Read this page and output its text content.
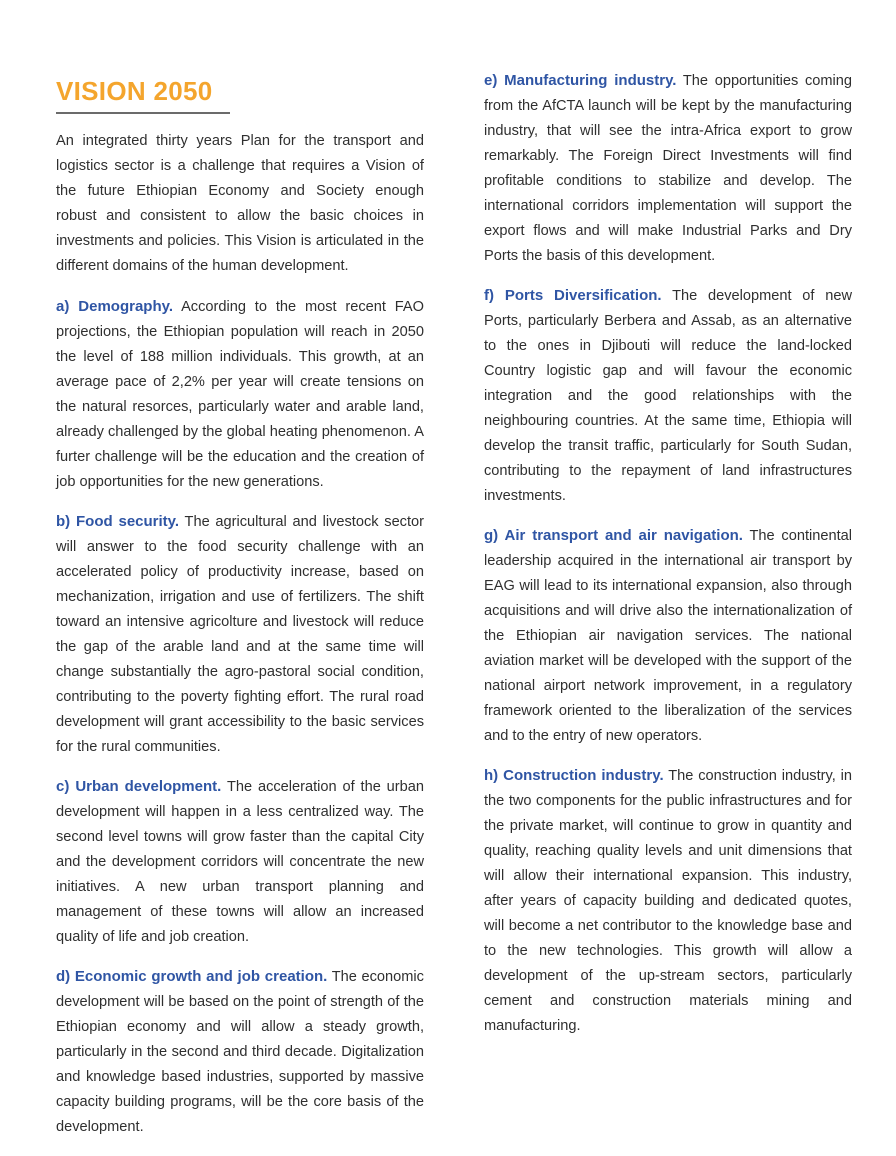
VISION 2050

An integrated thirty years Plan for the transport and logistics sector is a challenge that requires a Vision of the future Ethiopian Economy and Society enough robust and consistent to allow the basic choices in investments and policies. This Vision is articulated in the different domains of the human development.

a) Demography. According to the most recent FAO projections, the Ethiopian population will reach in 2050 the level of 188 million individuals. This growth, at an average pace of 2,2% per year will create tensions on the natural resorces, particularly water and arable land, already challenged by the global heating phenomenon. A furter challenge will be the education and the creation of job opportunities for the new generations.

b) Food security. The agricultural and livestock sector will answer to the food security challenge with an accelerated policy of productivity increase, based on mechanization, irrigation and use of fertilizers. The shift toward an intensive agricolture and livestock will reduce the gap of the arable land and at the same time will change substantially the agro-pastoral social condition, contributing to the poverty fighting effort. The rural road development will grant accessibility to the basic services for the rural communities.

c) Urban development. The acceleration of the urban development will happen in a less centralized way. The second level towns will grow faster than the capital City and the development corridors will concentrate the new initiatives. A new urban transport planning and management of these towns will allow an increased quality of life and job creation.

d) Economic growth and job creation. The economic development will be based on the point of strength of the Ethiopian economy and will allow a steady growth, particularly in the second and third decade. Digitalization and knowledge based industries, supported by massive capacity building programs, will be the core basis of the development.

e) Manufacturing industry. The opportunities coming from the AfCTA launch will be kept by the manufacturing industry, that will see the intra-Africa export to grow remarkably. The Foreign Direct Investments will find profitable conditions to stabilize and develop. The international corridors implementation will support the export flows and will make Industrial Parks and Dry Ports the basis of this development.

f) Ports Diversification. The development of new Ports, particularly Berbera and Assab, as an alternative to the ones in Djibouti will reduce the land-locked Country logistic gap and will favour the economic integration and the good relationships with the neighbouring countries. At the same time, Ethiopia will develop the transit traffic, particularly for South Sudan, contributing to the repayment of land infrastructures investments.

g) Air transport and air navigation. The continental leadership acquired in the international air transport by EAG will lead to its international expansion, also through acquisitions and will drive also the internationalization of the Ethiopian air navigation services. The national aviation market will be developed with the support of the national airport network improvement, in a regulatory framework oriented to the liberalization of the services and to the entry of new operators.

h) Construction industry. The construction industry, in the two components for the public infrastructures and for the private market, will continue to grow in quantity and quality, reaching quality levels and unit dimensions that will allow their international expansion. This industry, after years of capacity building and dedicated quotes, will become a net contributor to the knowledge base and to the new technologies. This growth will allow a development of the up-stream sectors, particularly cement and construction materials mining and manufacturing.
